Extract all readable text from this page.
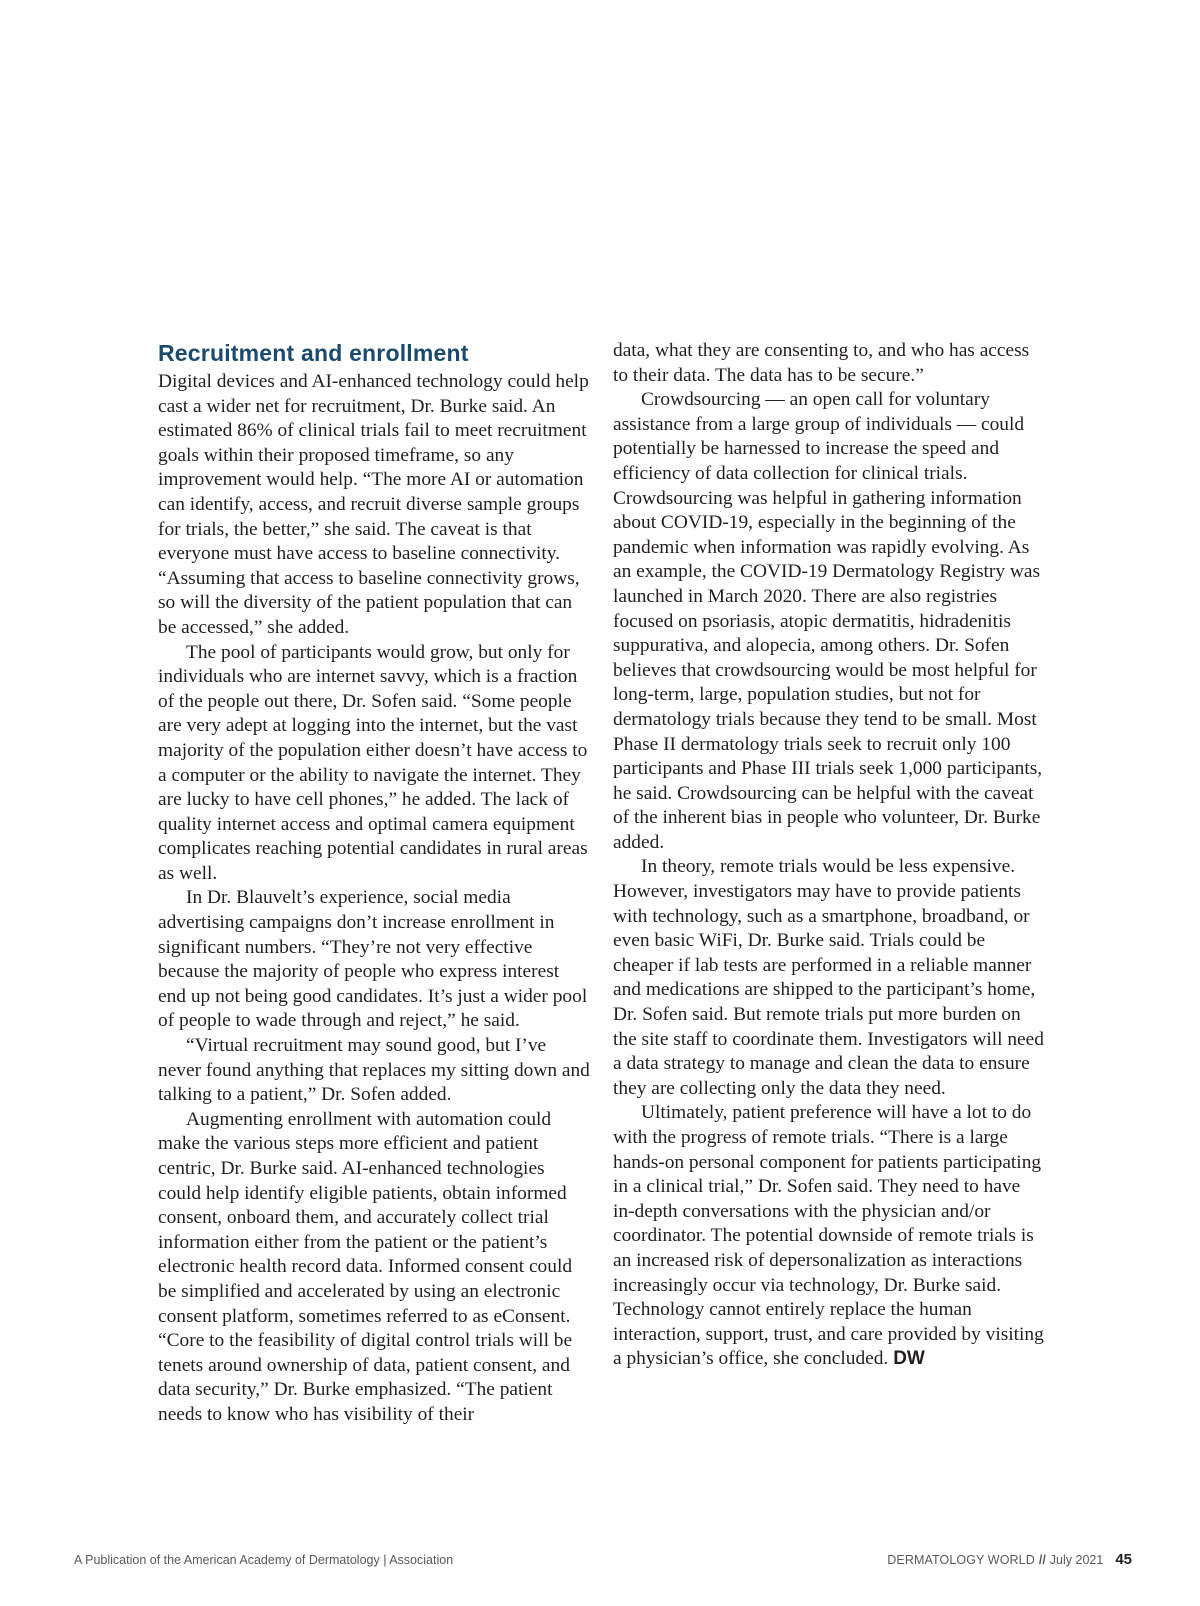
Recruitment and enrollment

Digital devices and AI-enhanced technology could help cast a wider net for recruitment, Dr. Burke said. An estimated 86% of clinical trials fail to meet recruitment goals within their proposed timeframe, so any improvement would help. “The more AI or automation can identify, access, and recruit diverse sample groups for trials, the better,” she said. The caveat is that everyone must have access to baseline connectivity. “Assuming that access to baseline connectivity grows, so will the diversity of the patient population that can be accessed,” she added.

The pool of participants would grow, but only for individuals who are internet savvy, which is a fraction of the people out there, Dr. Sofen said. “Some people are very adept at logging into the internet, but the vast majority of the population either doesn’t have access to a computer or the ability to navigate the internet. They are lucky to have cell phones,” he added. The lack of quality internet access and optimal camera equipment complicates reaching potential candidates in rural areas as well.

In Dr. Blauvelt’s experience, social media advertising campaigns don’t increase enrollment in significant numbers. “They’re not very effective because the majority of people who express interest end up not being good candidates. It’s just a wider pool of people to wade through and reject,” he said.

“Virtual recruitment may sound good, but I’ve never found anything that replaces my sitting down and talking to a patient,” Dr. Sofen added.

Augmenting enrollment with automation could make the various steps more efficient and patient centric, Dr. Burke said. AI-enhanced technologies could help identify eligible patients, obtain informed consent, onboard them, and accurately collect trial information either from the patient or the patient’s electronic health record data. Informed consent could be simplified and accelerated by using an electronic consent platform, sometimes referred to as eConsent. “Core to the feasibility of digital control trials will be tenets around ownership of data, patient consent, and data security,” Dr. Burke emphasized. “The patient needs to know who has visibility of their

data, what they are consenting to, and who has access to their data. The data has to be secure.”

Crowdsourcing — an open call for voluntary assistance from a large group of individuals — could potentially be harnessed to increase the speed and efficiency of data collection for clinical trials. Crowdsourcing was helpful in gathering information about COVID-19, especially in the beginning of the pandemic when information was rapidly evolving. As an example, the COVID-19 Dermatology Registry was launched in March 2020. There are also registries focused on psoriasis, atopic dermatitis, hidradenitis suppurativa, and alopecia, among others. Dr. Sofen believes that crowdsourcing would be most helpful for long-term, large, population studies, but not for dermatology trials because they tend to be small. Most Phase II dermatology trials seek to recruit only 100 participants and Phase III trials seek 1,000 participants, he said. Crowdsourcing can be helpful with the caveat of the inherent bias in people who volunteer, Dr. Burke added.

In theory, remote trials would be less expensive. However, investigators may have to provide patients with technology, such as a smartphone, broadband, or even basic WiFi, Dr. Burke said. Trials could be cheaper if lab tests are performed in a reliable manner and medications are shipped to the participant’s home, Dr. Sofen said. But remote trials put more burden on the site staff to coordinate them. Investigators will need a data strategy to manage and clean the data to ensure they are collecting only the data they need.

Ultimately, patient preference will have a lot to do with the progress of remote trials. “There is a large hands-on personal component for patients participating in a clinical trial,” Dr. Sofen said. They need to have in-depth conversations with the physician and/or coordinator. The potential downside of remote trials is an increased risk of depersonalization as interactions increasingly occur via technology, Dr. Burke said. Technology cannot entirely replace the human interaction, support, trust, and care provided by visiting a physician’s office, she concluded. DW

A Publication of the American Academy of Dermatology | Association	DERMATOLOGY WORLD // July 2021 45
